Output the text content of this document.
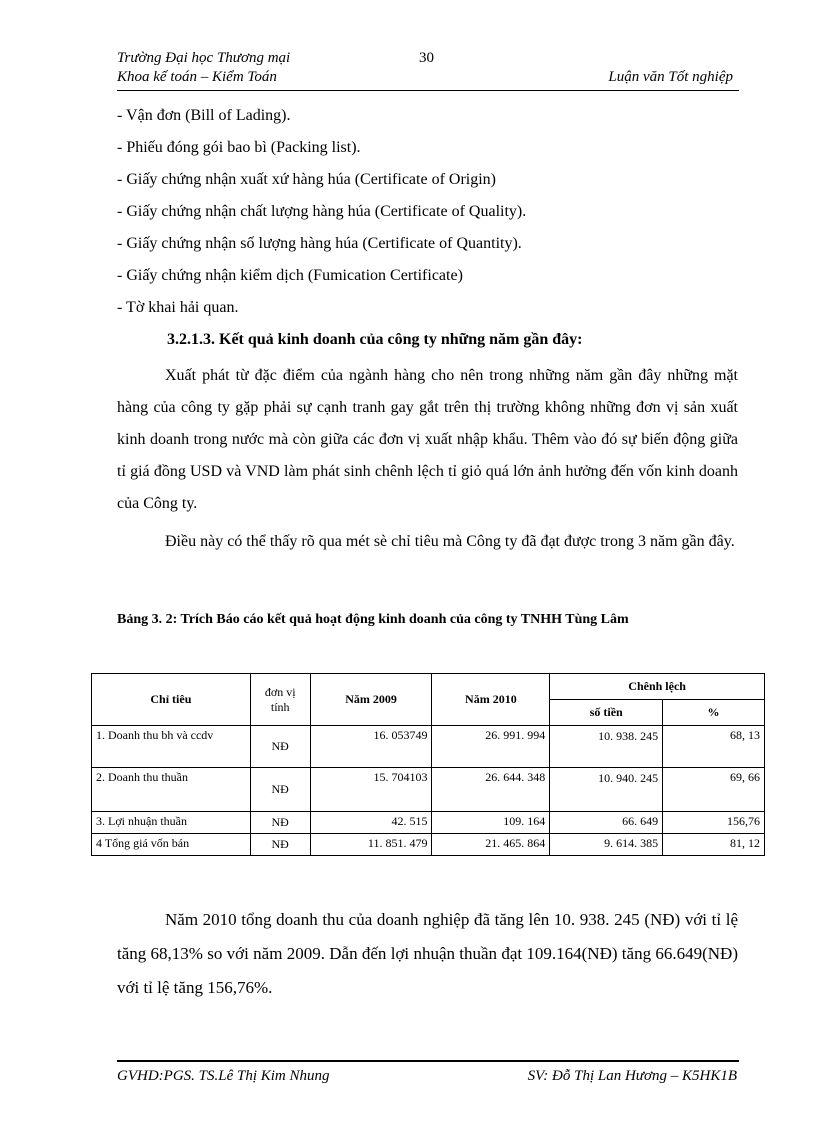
Trường Đại học Thương mại	30
Khoa kế toán – Kiểm Toán	Luận văn Tốt nghiệp
- Vận đơn (Bill of Lading).
- Phiếu đóng gói bao bì (Packing list).
- Giấy chứng nhận xuất xứ hàng húa (Certificate of Origin)
- Giấy chứng nhận chất lượng hàng húa (Certificate of Quality).
- Giấy chứng nhận số lượng hàng húa (Certificate of Quantity).
- Giấy chứng nhận kiểm dịch (Fumication Certificate)
- Tờ khai hải quan.
3.2.1.3. Kết quả kinh doanh của công ty những năm gần đây:
Xuất phát từ đặc điểm của ngành hàng cho nên trong những năm gần đây những mặt hàng của công ty gặp phải sự cạnh tranh gay gắt trên thị trường không những đơn vị sản xuất kinh doanh trong nước mà còn giữa các đơn vị xuất nhập khẩu. Thêm vào đó sự biến động giữa tỉ giá đồng USD và VND làm phát sinh chênh lệch tỉ giỏ quá lớn ảnh hưởng đến vốn kinh doanh của Công ty.
Điều này có thể thấy rõ qua mét sè chỉ tiêu mà Công ty đã đạt được trong 3 năm gần đây.
Bảng 3. 2: Trích Báo cáo kết quả hoạt động kinh doanh của công ty TNHH Tùng Lâm
Chỉ tiêu	đơn vị tính	Năm 2009	Năm 2010	Chênh lệch	
				số tiền	%
1. Doanh thu bh và ccdv	NĐ	16. 053749	26. 991. 994	10. 938. 245	68, 13
2. Doanh thu thuần	NĐ	15. 704103	26. 644. 348	10. 940. 245	69, 66
3. Lợi nhuận thuần	NĐ	42. 515	109. 164	66. 649	156,76
4 Tổng giá vốn bán	NĐ	11. 851. 479	21. 465. 864	9. 614. 385	81, 12
Năm 2010 tổng doanh thu của doanh nghiệp đã tăng lên 10. 938. 245 (NĐ) với tỉ lệ tăng 68,13% so với năm 2009. Dẫn đến lợi nhuận thuần đạt 109.164(NĐ) tăng 66.649(NĐ) với tỉ lệ tăng 156,76%.
GVHD:PGS. TS.Lê Thị Kim Nhung	SV: Đỗ Thị Lan Hương – K5HK1B
